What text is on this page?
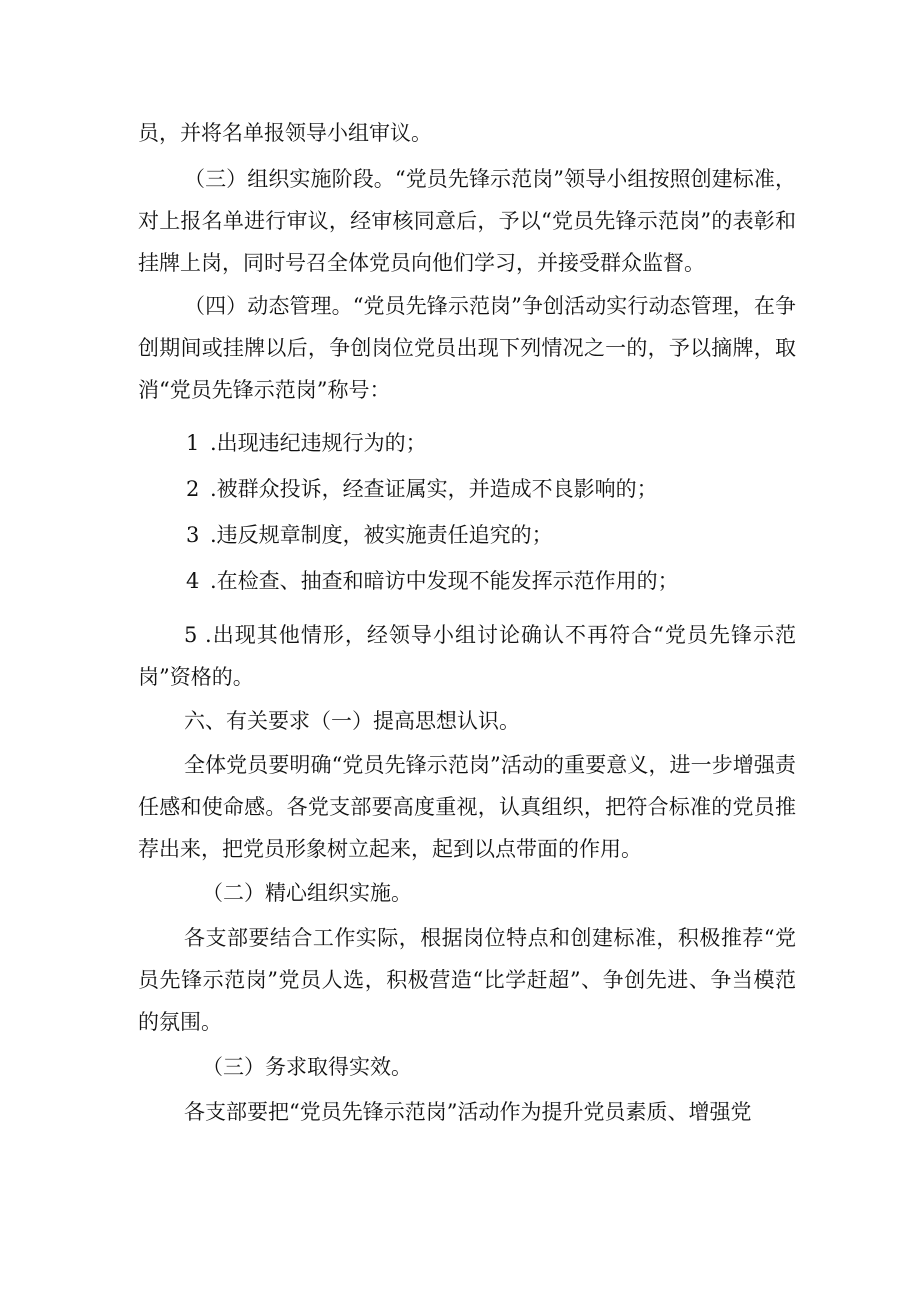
员，并将名单报领导小组审议。

（三）组织实施阶段。“党员先锋示范岗”领导小组按照创建标准，对上报名单进行审议，经审核同意后，予以“党员先锋示范岗”的表彰和挂牌上岗，同时号召全体党员向他们学习，并接受群众监督。

（四）动态管理。“党员先锋示范岗”争创活动实行动态管理，在争创期间或挂牌以后，争创岗位党员出现下列情况之一的，予以摘牌，取消“党员先锋示范岗”称号：

1 .出现违纪违规行为的；

2 .被群众投诉，经查证属实，并造成不良影响的；

3 .违反规章制度，被实施责任追究的；

4 .在检查、抽查和暗访中发现不能发挥示范作用的；

5 .出现其他情形，经领导小组讨论确认不再符合“党员先锋示范岗”资格的。

六、有关要求（一）提高思想认识。

全体党员要明确“党员先锋示范岗”活动的重要意义，进一步增强责任感和使命感。各党支部要高度重视，认真组织，把符合标准的党员推荐出来，把党员形象树立起来，起到以点带面的作用。

（二）精心组织实施。

各支部要结合工作实际，根据岗位特点和创建标准，积极推荐“党员先锋示范岗”党员人选，积极营造“比学赶超”、争创先进、争当模范的氛围。

（三）务求取得实效。

各支部要把“党员先锋示范岗”活动作为提升党员素质、增强党
